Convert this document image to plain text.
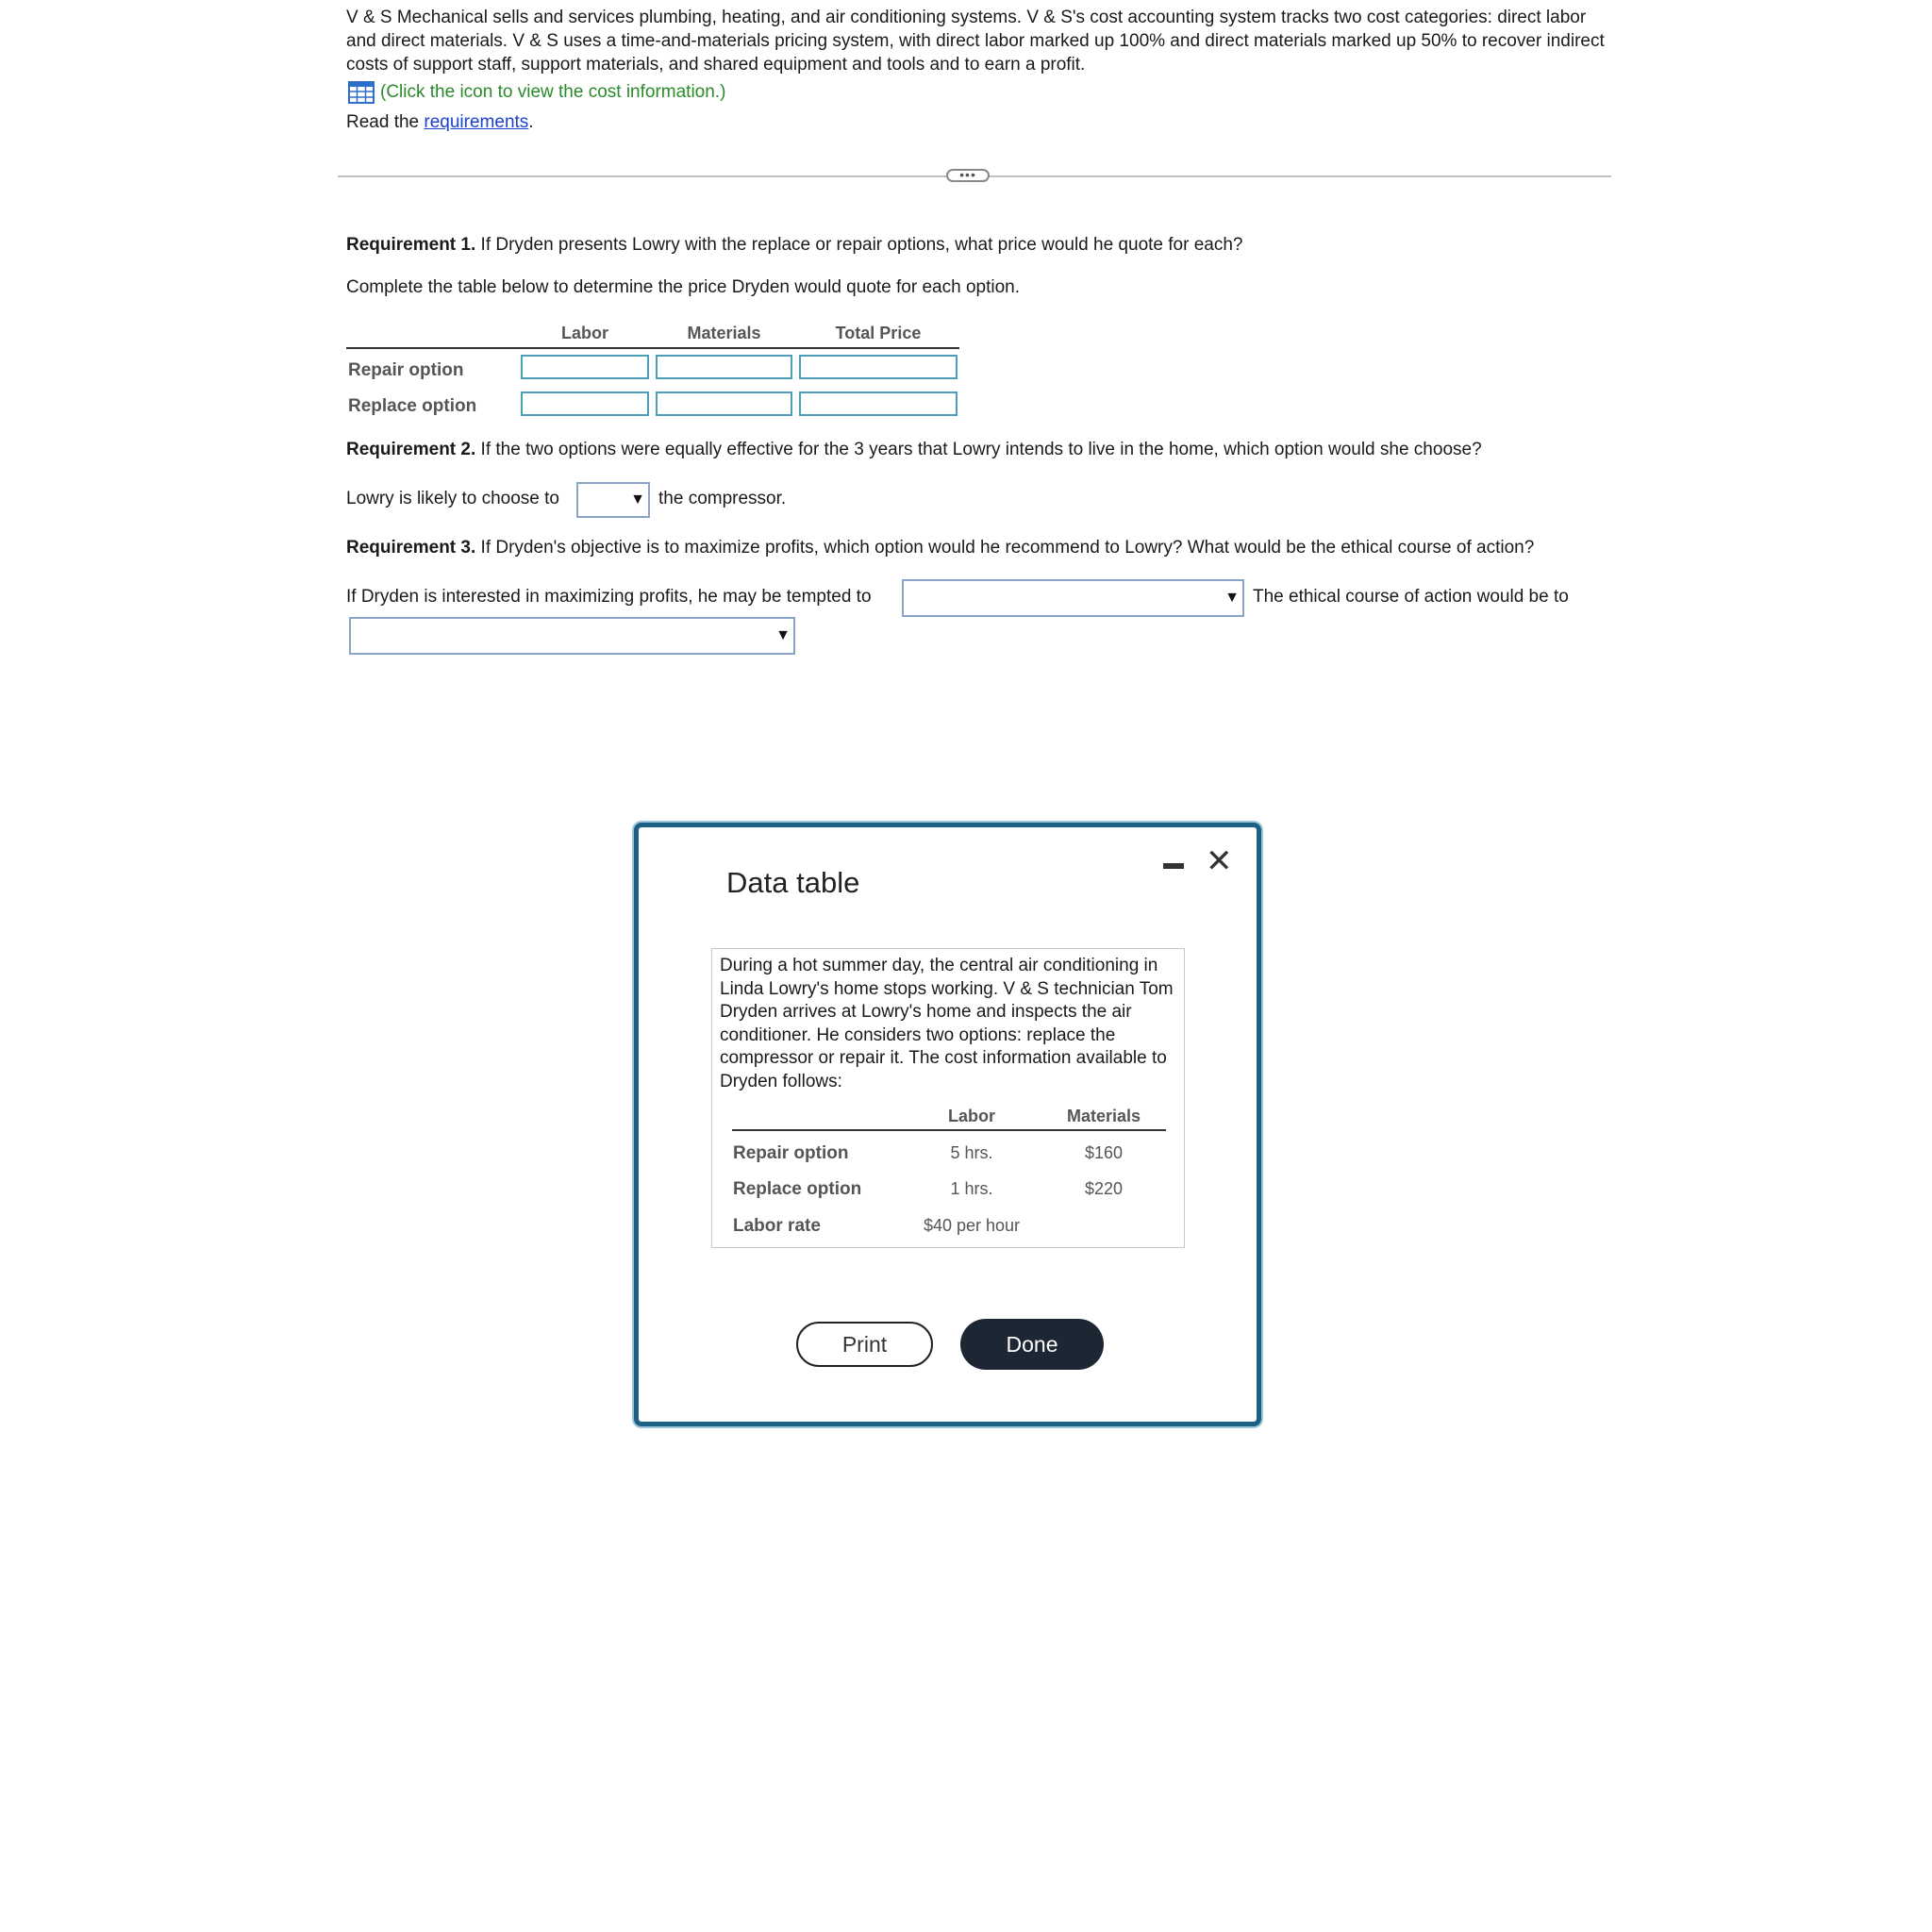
V & S Mechanical sells and services plumbing, heating, and air conditioning systems. V & S's cost accounting system tracks two cost categories: direct labor and direct materials. V & S uses a time-and-materials pricing system, with direct labor marked up 100% and direct materials marked up 50% to recover indirect costs of support staff, support materials, and shared equipment and tools and to earn a profit.
(Click the icon to view the cost information.)
Read the requirements.
•••
Requirement 1. If Dryden presents Lowry with the replace or repair options, what price would he quote for each?
Complete the table below to determine the price Dryden would quote for each option.
Labor	Materials	Total Price
Repair option
Replace option
Requirement 2. If the two options were equally effective for the 3 years that Lowry intends to live in the home, which option would she choose?
Lowry is likely to choose to	▼ the compressor.
Requirement 3. If Dryden's objective is to maximize profits, which option would he recommend to Lowry? What would be the ethical course of action?
If Dryden is interested in maximizing profits, he may be tempted to	▼ The ethical course of action would be to
▼
Data table
✕
During a hot summer day, the central air conditioning in Linda Lowry's home stops working. V & S technician Tom Dryden arrives at Lowry's home and inspects the air conditioner. He considers two options: replace the compressor or repair it. The cost information available to Dryden follows:
Labor	Materials
Repair option	5 hrs.	$160
Replace option	1 hrs.	$220
Labor rate	$40 per hour
Print	Done
